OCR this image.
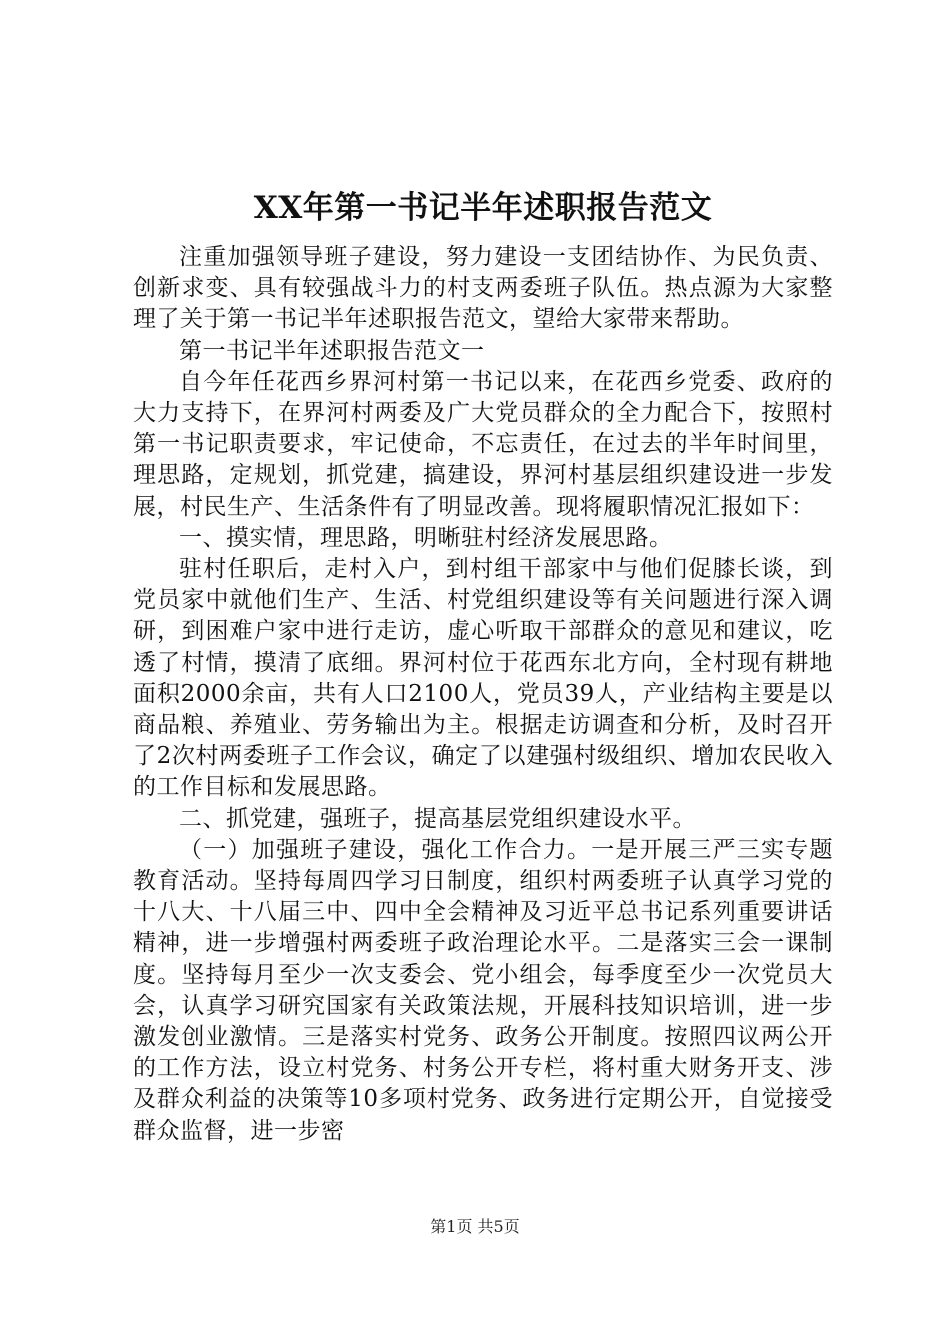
XX年第一书记半年述职报告范文

注重加强领导班子建设，努力建设一支团结协作、为民负责、创新求变、具有较强战斗力的村支两委班子队伍。热点源为大家整理了关于第一书记半年述职报告范文，望给大家带来帮助。

第一书记半年述职报告范文一

自今年任花西乡界河村第一书记以来，在花西乡党委、政府的大力支持下，在界河村两委及广大党员群众的全力配合下，按照村第一书记职责要求，牢记使命，不忘责任，在过去的半年时间里，理思路，定规划，抓党建，搞建设，界河村基层组织建设进一步发展，村民生产、生活条件有了明显改善。现将履职情况汇报如下：

一、摸实情，理思路，明晰驻村经济发展思路。

驻村任职后，走村入户，到村组干部家中与他们促膝长谈，到党员家中就他们生产、生活、村党组织建设等有关问题进行深入调研，到困难户家中进行走访，虚心听取干部群众的意见和建议，吃透了村情，摸清了底细。界河村位于花西东北方向，全村现有耕地面积2000余亩，共有人口2100人，党员39人，产业结构主要是以商品粮、养殖业、劳务输出为主。根据走访调查和分析，及时召开了2次村两委班子工作会议，确定了以建强村级组织、增加农民收入的工作目标和发展思路。

二、抓党建，强班子，提高基层党组织建设水平。

（一）加强班子建设，强化工作合力。一是开展三严三实专题教育活动。坚持每周四学习日制度，组织村两委班子认真学习党的十八大、十八届三中、四中全会精神及习近平总书记系列重要讲话精神，进一步增强村两委班子政治理论水平。二是落实三会一课制度。坚持每月至少一次支委会、党小组会，每季度至少一次党员大会，认真学习研究国家有关政策法规，开展科技知识培训，进一步激发创业激情。三是落实村党务、政务公开制度。按照四议两公开的工作方法，设立村党务、村务公开专栏，将村重大财务开支、涉及群众利益的决策等10多项村党务、政务进行定期公开，自觉接受群众监督，进一步密

第1页 共5页
